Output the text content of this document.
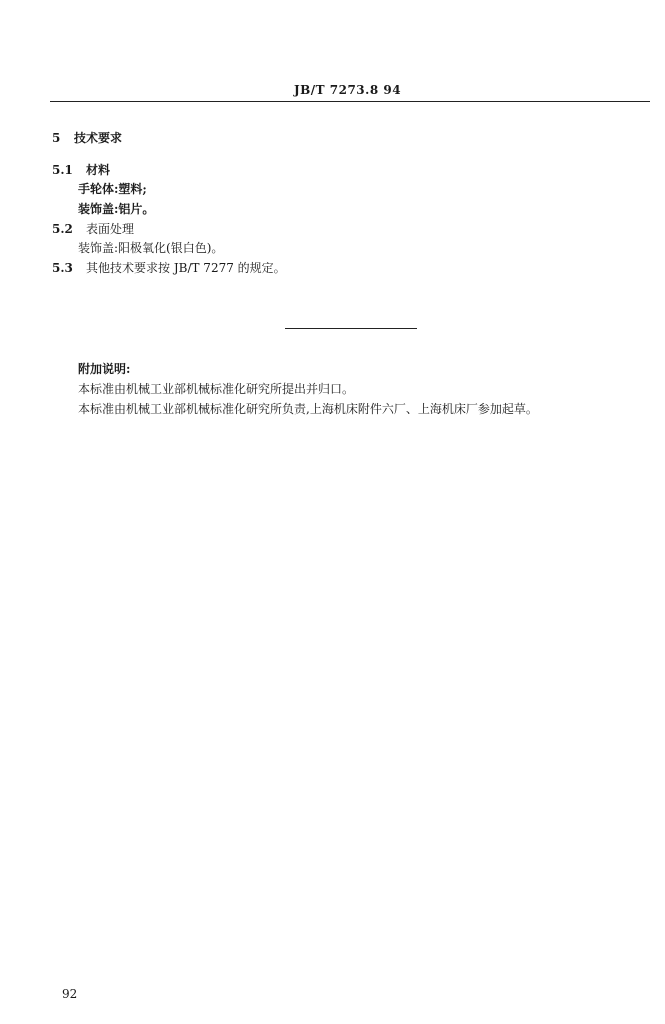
JB/T 7273.8 94
5 技术要求
5.1 材料
手轮体:塑料;
装饰盖:铝片。
5.2 表面处理
装饰盖:阳极氧化(银白色)。
5.3 其他技术要求按 JB/T 7277 的规定。
附加说明:
本标准由机械工业部机械标准化研究所提出并归口。
本标准由机械工业部机械标准化研究所负责,上海机床附件六厂、上海机床厂参加起草。
92
